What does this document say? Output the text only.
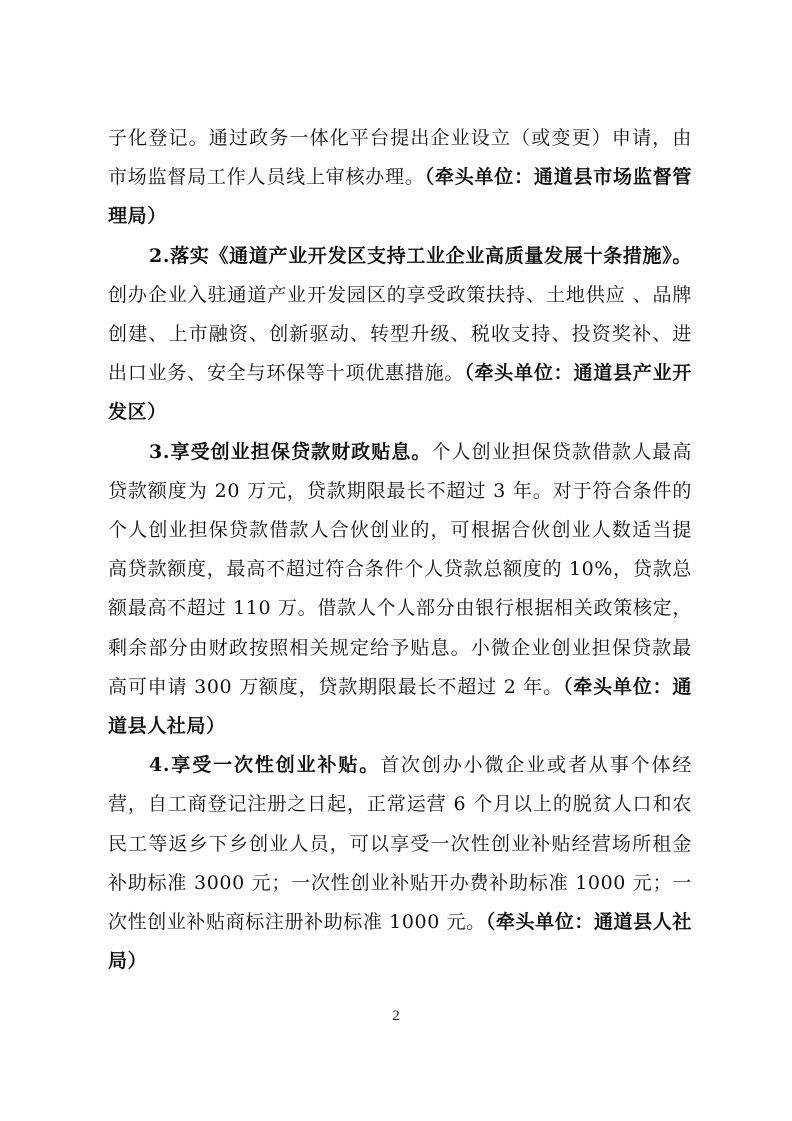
子化登记。通过政务一体化平台提出企业设立（或变更）申请，由市场监督局工作人员线上审核办理。（牵头单位：通道县市场监督管理局）

2.落实《通道产业开发区支持工业企业高质量发展十条措施》。创办企业入驻通道产业开发园区的享受政策扶持、土地供应 、品牌创建、上市融资、创新驱动、转型升级、税收支持、投资奖补、进出口业务、安全与环保等十项优惠措施。（牵头单位：通道县产业开发区）

3.享受创业担保贷款财政贴息。个人创业担保贷款借款人最高贷款额度为 20 万元，贷款期限最长不超过 3 年。对于符合条件的个人创业担保贷款借款人合伙创业的，可根据合伙创业人数适当提高贷款额度，最高不超过符合条件个人贷款总额度的 10%，贷款总额最高不超过 110 万。借款人个人部分由银行根据相关政策核定，剩余部分由财政按照相关规定给予贴息。小微企业创业担保贷款最高可申请 300 万额度，贷款期限最长不超过 2 年。（牵头单位：通道县人社局）

4.享受一次性创业补贴。首次创办小微企业或者从事个体经营，自工商登记注册之日起，正常运营 6 个月以上的脱贫人口和农民工等返乡下乡创业人员，可以享受一次性创业补贴经营场所租金补助标准 3000 元；一次性创业补贴开办费补助标准 1000 元；一次性创业补贴商标注册补助标准 1000 元。（牵头单位：通道县人社局）

2
